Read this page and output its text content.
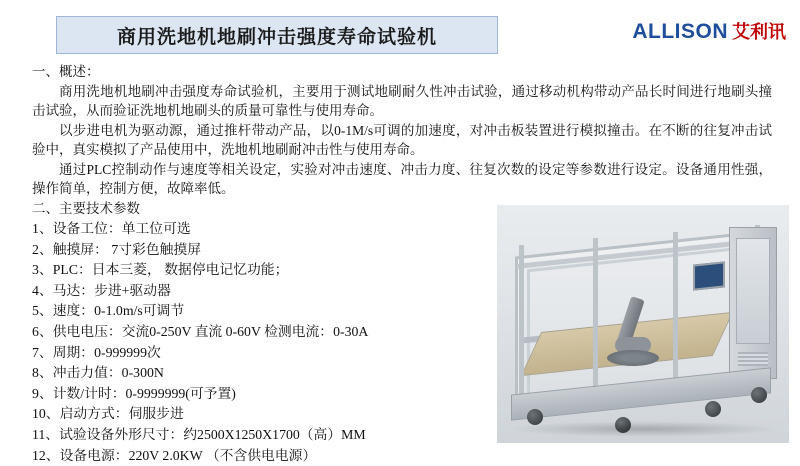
商用洗地机地刷冲击强度寿命试验机	ALLISON 艾利讯
一、概述：

商用洗地机地刷冲击强度寿命试验机，主要用于测试地刷耐久性冲击试验，通过移动机构带动产品长时间进行地刷头撞击试验，从而验证洗地机地刷头的质量可靠性与使用寿命。

以步进电机为驱动源，通过推杆带动产品，以0-1M/s可调的加速度，对冲击板装置进行模拟撞击。在不断的往复冲击试验中，真实模拟了产品使用中，洗地机地刷耐冲击性与使用寿命。

通过PLC控制动作与速度等相关设定，实验对冲击速度、冲击力度、往复次数的设定等参数进行设定。设备通用性强，操作简单，控制方便，故障率低。

二、主要技术参数
1、设备工位：单工位可选
2、触摸屏： 7寸彩色触摸屏
3、PLC：日本三菱， 数据停电记忆功能；
4、马达：步进+驱动器
5、速度：0-1.0m/s可调节
6、供电电压：交流0-250V 直流 0-60V 检测电流：0-30A
7、周期：0-999999次
8、冲击力值：0-300N
9、计数/计时：0-9999999(可予置)
10、启动方式：伺服步进
11、试验设备外形尺寸：约2500X1250X1700（高）MM
12、设备电源：220V 2.0KW （不含供电电源）
